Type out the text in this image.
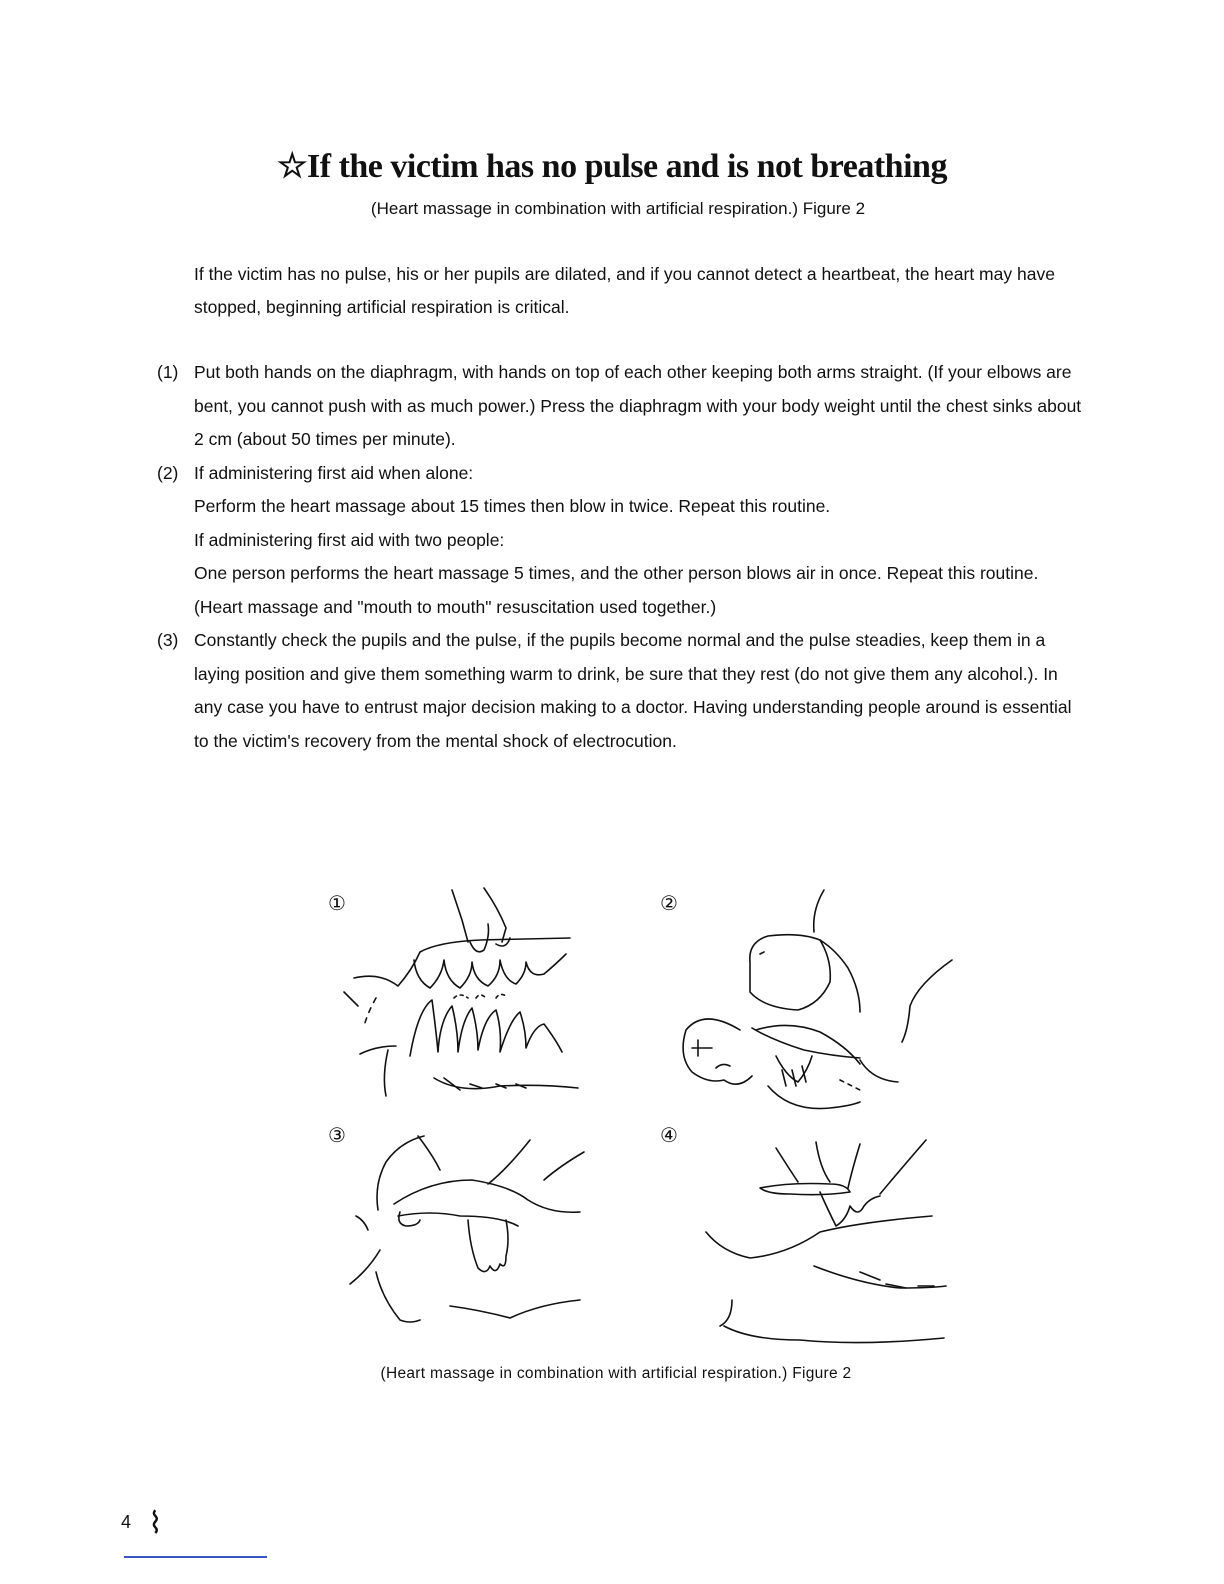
☆If the victim has no pulse and is not breathing

(Heart massage in combination with artificial respiration.) Figure 2

If the victim has no pulse, his or her pupils are dilated, and if you cannot detect a heartbeat, the heart may have stopped, beginning artificial respiration is critical.

(1) Put both hands on the diaphragm, with hands on top of each other keeping both arms straight. (If your elbows are bent, you cannot push with as much power.) Press the diaphragm with your body weight until the chest sinks about 2 cm (about 50 times per minute).

(2) If administering first aid when alone:

Perform the heart massage about 15 times then blow in twice. Repeat this routine.

If administering first aid with two people:

One person performs the heart massage 5 times, and the other person blows air in once. Repeat this routine. (Heart massage and "mouth to mouth" resuscitation used together.)

(3) Constantly check the pupils and the pulse, if the pupils become normal and the pulse steadies, keep them in a laying position and give them something warm to drink, be sure that they rest (do not give them any alcohol.). In any case you have to entrust major decision making to a doctor. Having understanding people around is essential to the victim's recovery from the mental shock of electrocution.

①	②
③	④

(Heart massage in combination with artificial respiration.) Figure 2

4 ⌇
